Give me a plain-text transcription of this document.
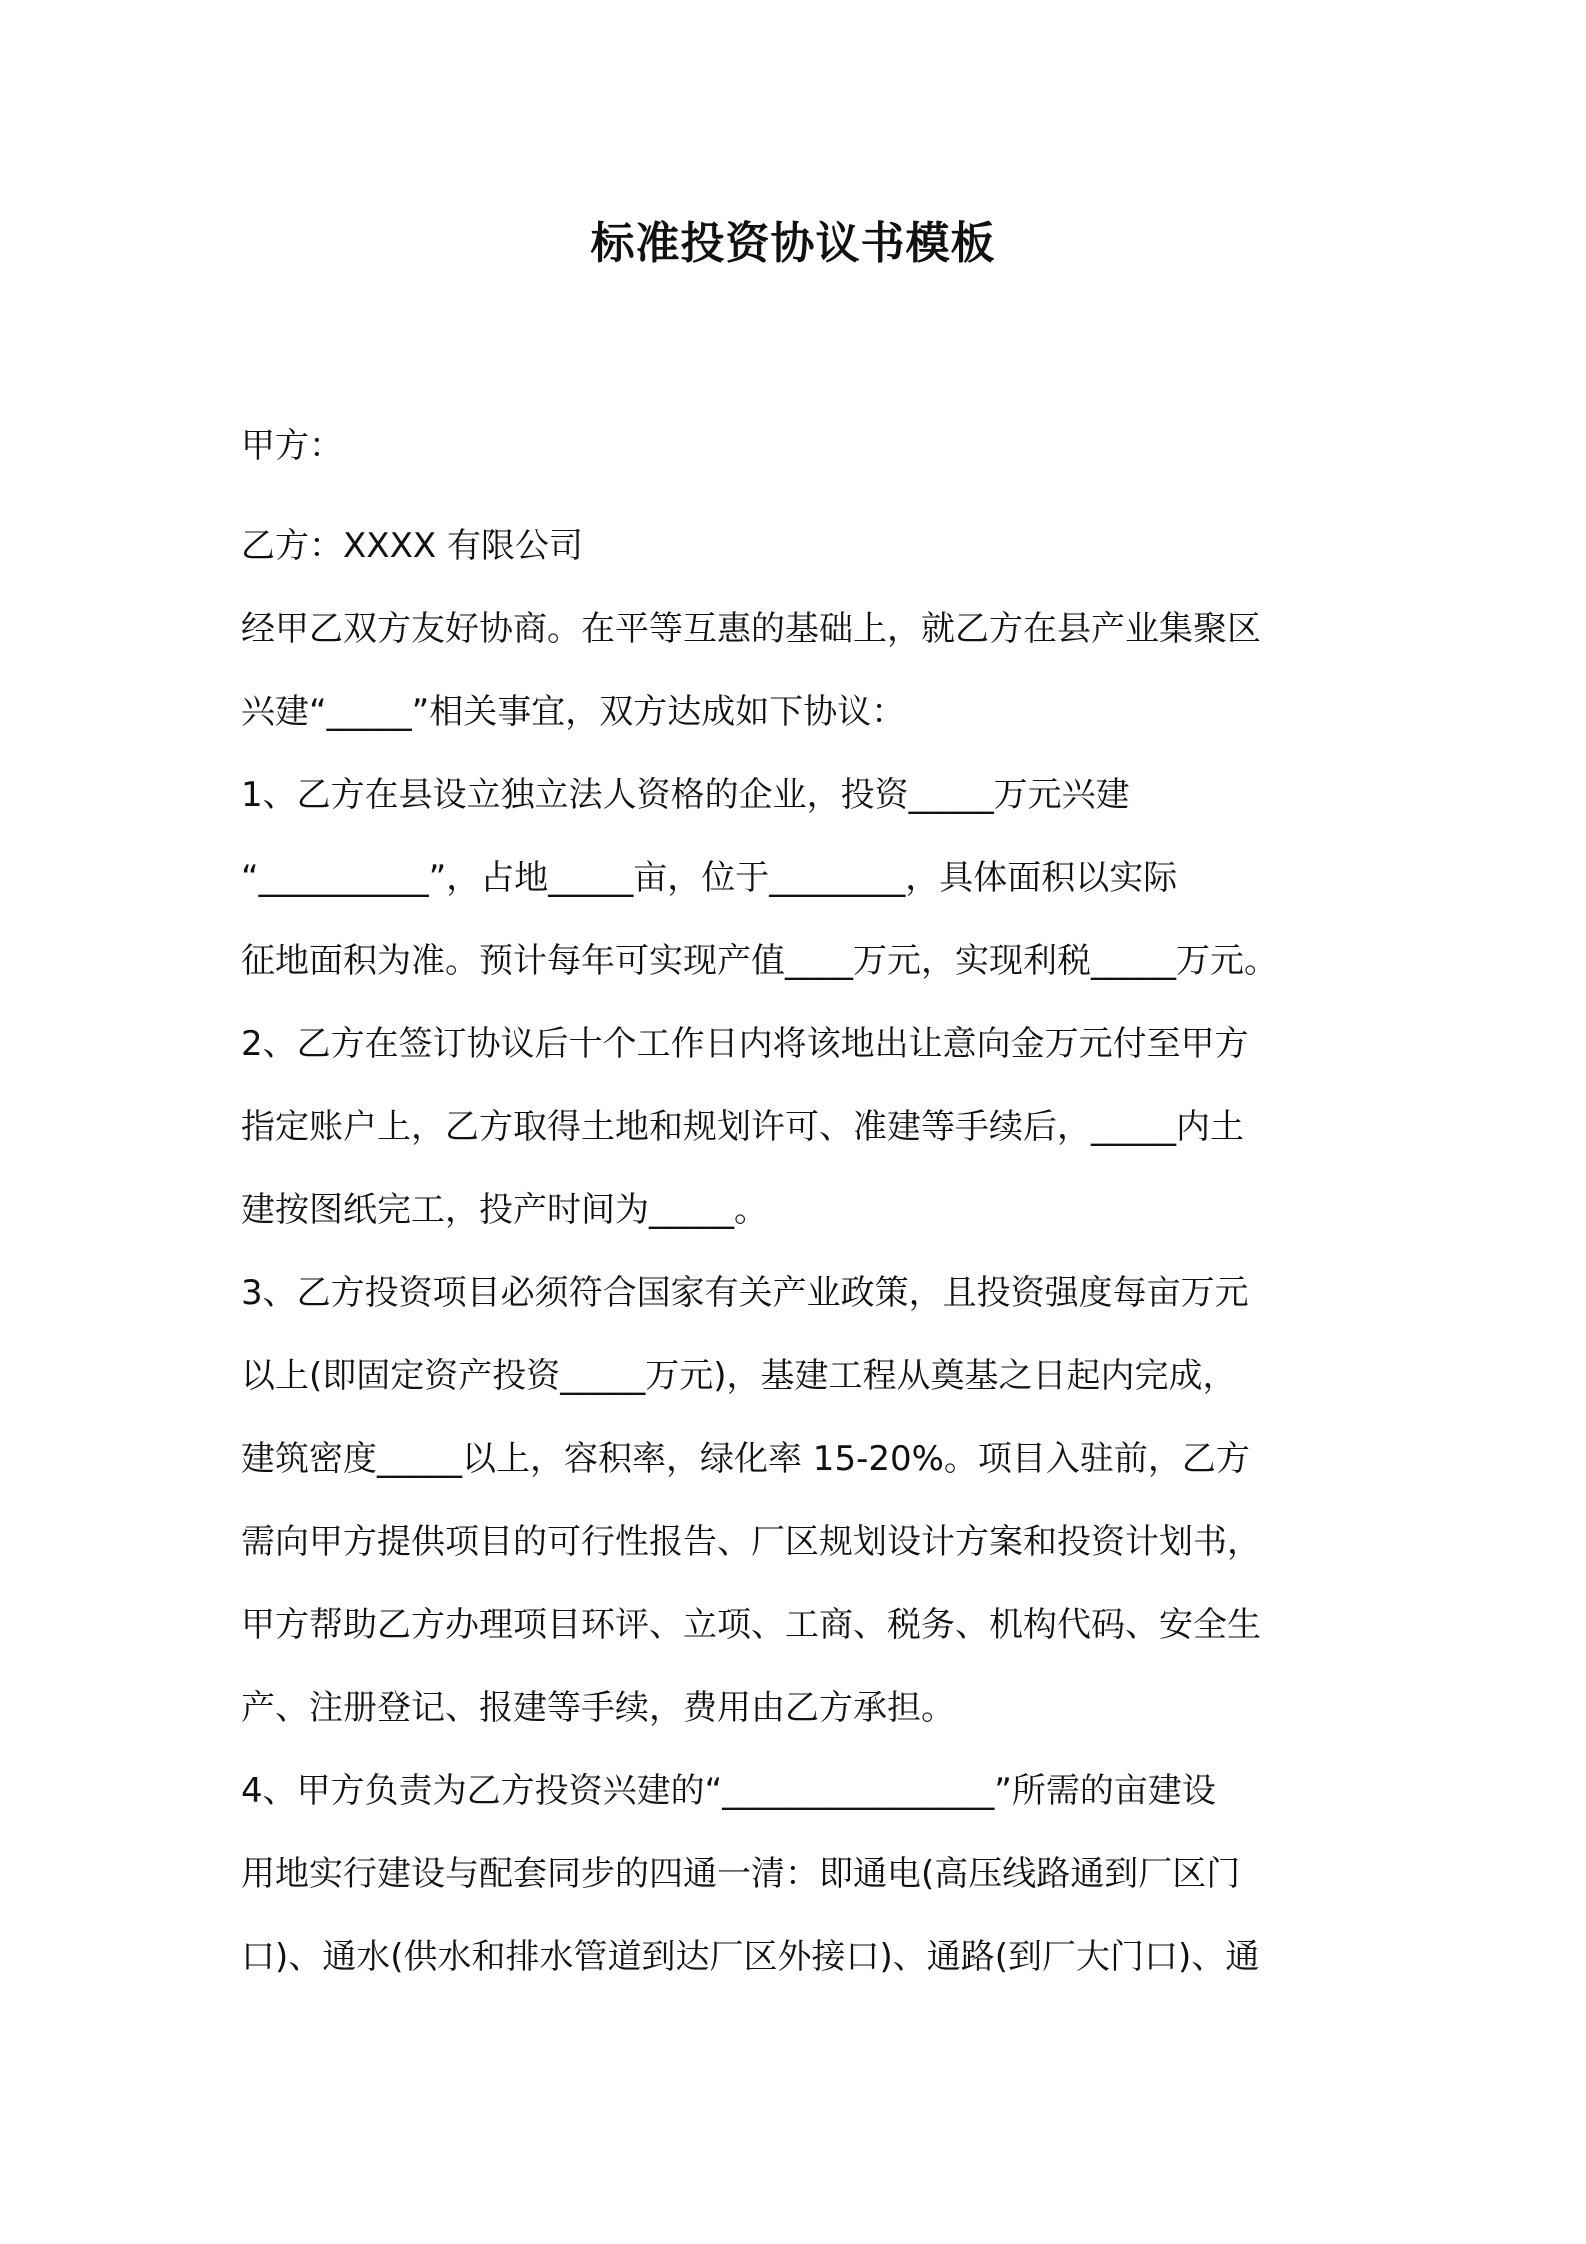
标准投资协议书模板
甲方：
乙方：XXXX 有限公司
经甲乙双方友好协商。在平等互惠的基础上，就乙方在县产业集聚区
兴建“_____”相关事宜，双方达成如下协议：
1、乙方在县设立独立法人资格的企业，投资_____万元兴建
“__________”，占地_____亩，位于________，具体面积以实际
征地面积为准。预计每年可实现产值____万元，实现利税_____万元。
2、乙方在签订协议后十个工作日内将该地出让意向金万元付至甲方
指定账户上，乙方取得土地和规划许可、准建等手续后，_____内土
建按图纸完工，投产时间为_____。
3、乙方投资项目必须符合国家有关产业政策，且投资强度每亩万元
以上(即固定资产投资_____万元)，基建工程从奠基之日起内完成，
建筑密度_____以上，容积率，绿化率 15-20%。项目入驻前，乙方
需向甲方提供项目的可行性报告、厂区规划设计方案和投资计划书，
甲方帮助乙方办理项目环评、立项、工商、税务、机构代码、安全生
产、注册登记、报建等手续，费用由乙方承担。
4、甲方负责为乙方投资兴建的“________________”所需的亩建设
用地实行建设与配套同步的四通一清：即通电(高压线路通到厂区门
口)、通水(供水和排水管道到达厂区外接口)、通路(到厂大门口)、通
